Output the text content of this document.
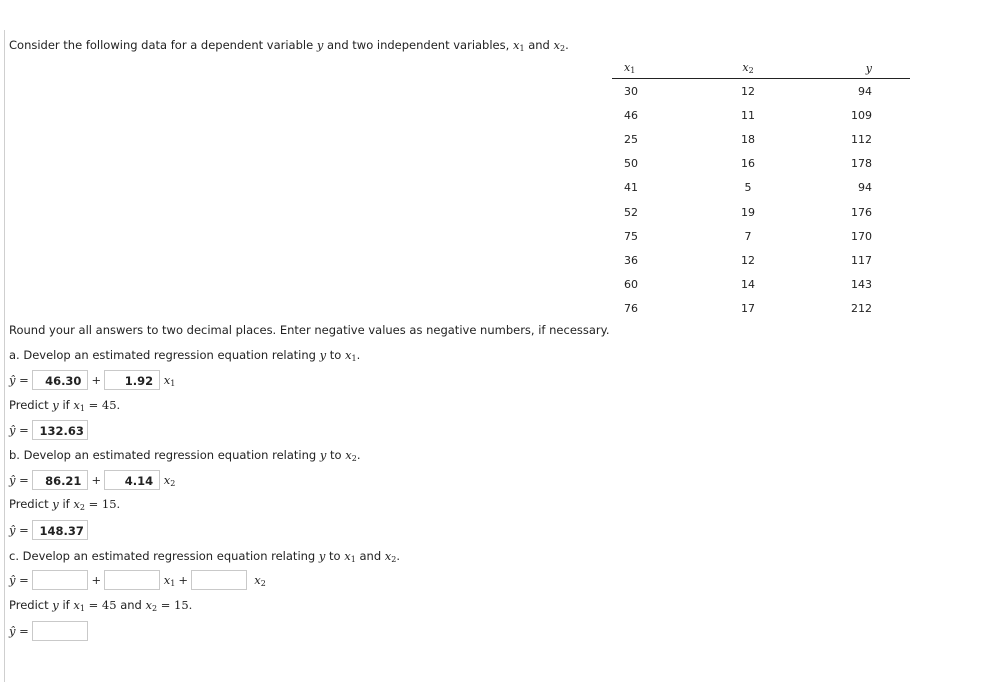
Consider the following data for a dependent variable y and two independent variables, $x_1$ and $x_2$.
$x_1$	$x_2$	y
30	12	94
46	11	109
25	18	112
50	16	178
41	5	94
52	19	176
75	7	170
36	12	117
60	14	143
76	17	212
Round your all answers to two decimal places. Enter negative values as negative numbers, if necessary.
a. Develop an estimated regression equation relating y to $x_1$.
ŷ
=
	46.30 +	1.92
$x_1$
Predict y if $x_1 = 45$.
ŷ
=
132.63
b. Develop an estimated regression equation relating y to $x_2$.
ŷ
=
	86.21 +	4.14
$x_2$
Predict y if $x_2 = 15$.
ŷ
=
148.37
c. Develop an estimated regression equation relating y to $x_1$ and $x_2$.
ŷ
=
	+
	$x_1$ +
	$x_2$
Predict y if $x_1 = 45$ and $x_2 = 15$.
ŷ
=
